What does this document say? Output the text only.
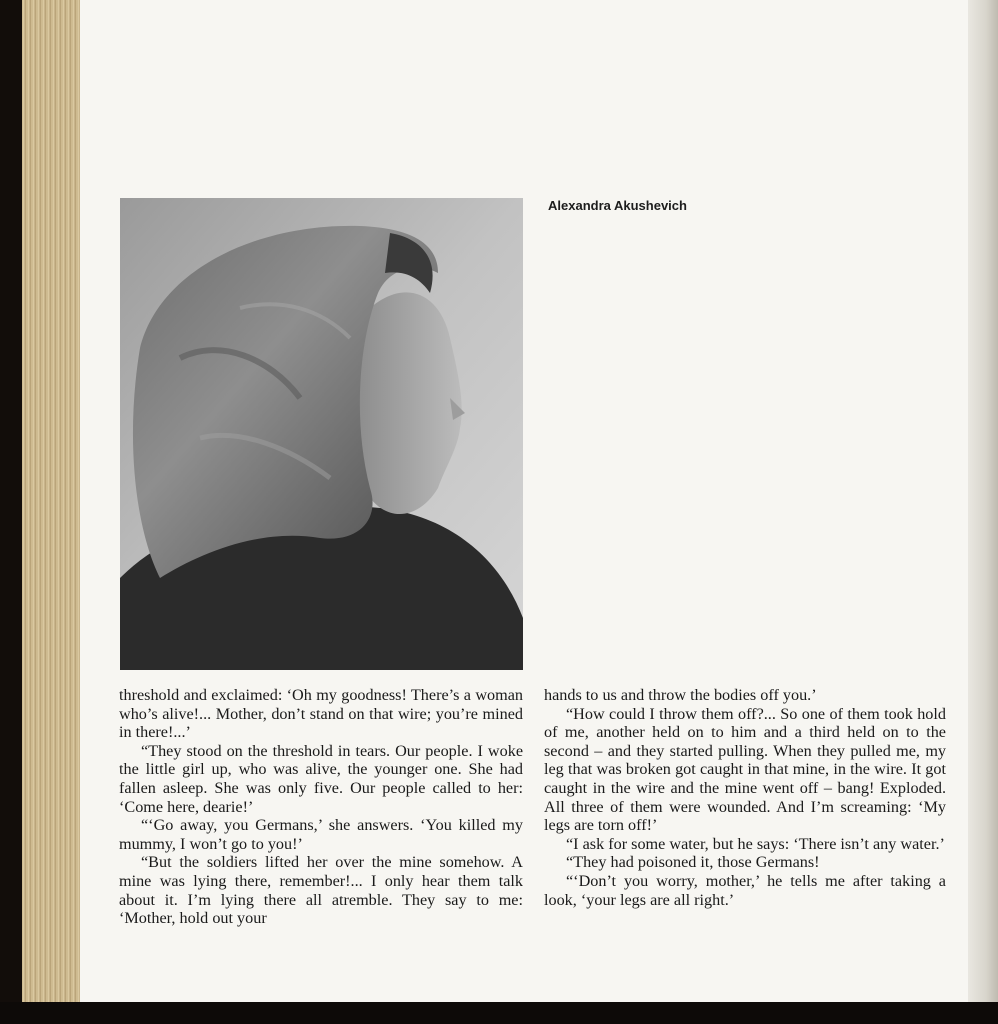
Alexandra Akushevich

threshold and exclaimed: ‘Oh my goodness! There’s a woman who’s alive!... Mother, don’t stand on that wire; you’re mined in there!...’

“They stood on the threshold in tears. Our people. I woke the little girl up, who was alive, the younger one. She had fallen asleep. She was only five. Our people called to her: ‘Come here, dearie!’

“‘Go away, you Germans,’ she answers. ‘You killed my mummy, I won’t go to you!’

“But the soldiers lifted her over the mine somehow. A mine was lying there, remember!... I only hear them talk about it. I’m lying there all atremble. They say to me: ‘Mother, hold out your

hands to us and throw the bodies off you.’

“How could I throw them off?... So one of them took hold of me, another held on to him and a third held on to the second – and they started pulling. When they pulled me, my leg that was broken got caught in that mine, in the wire. It got caught in the wire and the mine went off – bang! Exploded. All three of them were wounded. And I’m screaming: ‘My legs are torn off!’

“I ask for some water, but he says: ‘There isn’t any water.’

“They had poisoned it, those Germans!

“‘Don’t you worry, mother,’ he tells me after taking a look, ‘your legs are all right.’
